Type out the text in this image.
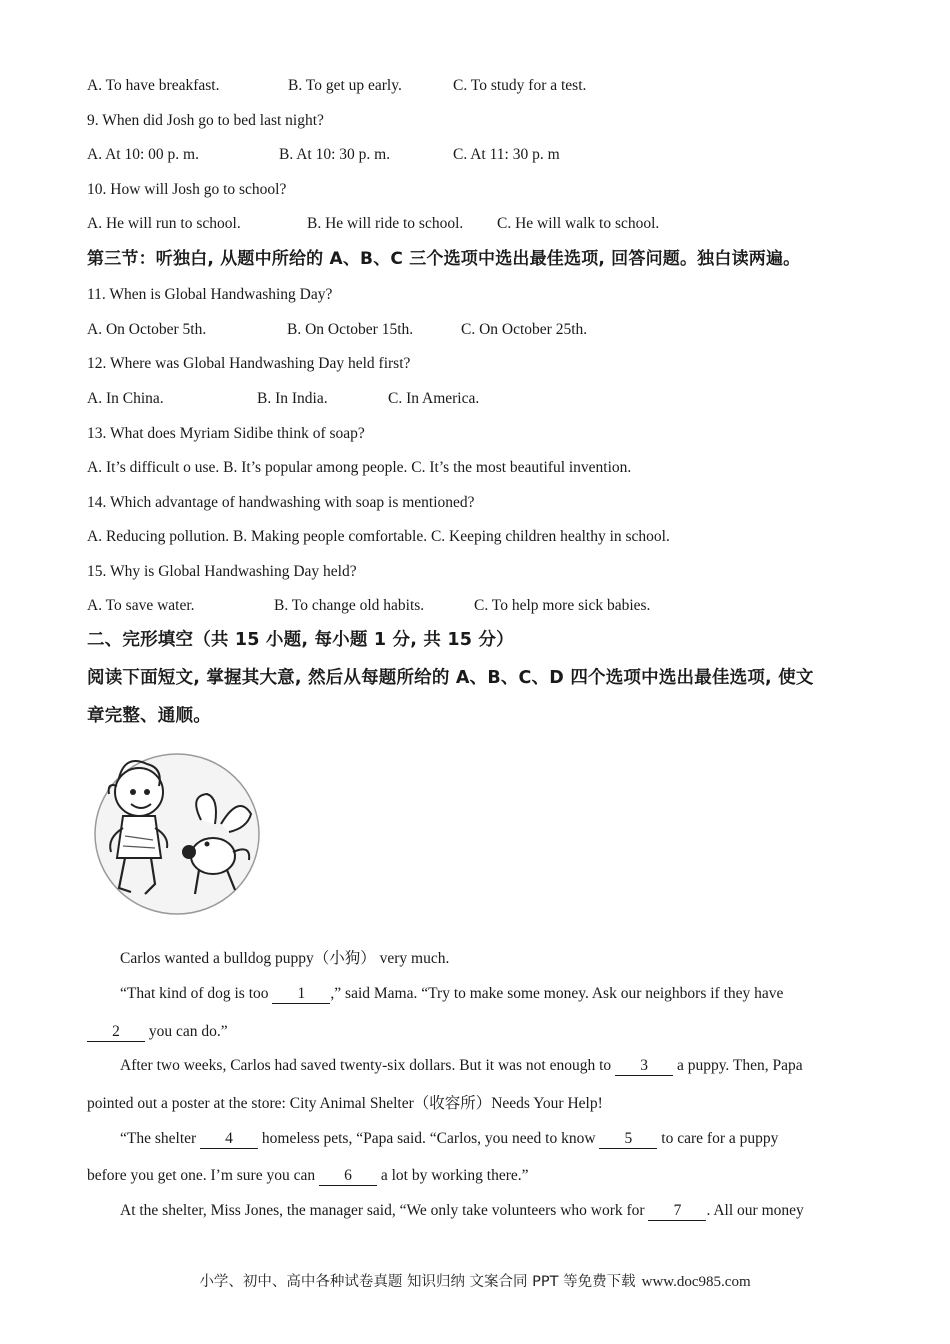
A. To have breakfast.	B. To get up early.	C. To study for a test.
9. When did Josh go to bed last night?
A. At 10: 00 p. m.	B. At 10: 30 p. m.	C. At 11: 30 p. m
10. How will Josh go to school?
A. He will run to school.	B. He will ride to school. C. He will walk to school.
第三节：听独白, 从题中所给的 A、B、C 三个选项中选出最佳选项, 回答问题。独白读两遍。
11. When is Global Handwashing Day?
A. On October 5th.	B. On October 15th.	C. On October 25th.
12. Where was Global Handwashing Day held first?
A. In China.	B. In India.	C. In America.
13. What does Myriam Sidibe think of soap?
A. It’s difficult o use. B. It’s popular among people. C. It’s the most beautiful invention.
14. Which advantage of handwashing with soap is mentioned?
A. Reducing pollution. B. Making people comfortable. C. Keeping children healthy in school.
15. Why is Global Handwashing Day held?
A. To save water.	B. To change old habits.	C. To help more sick babies.
二、完形填空（共 15 小题, 每小题 1 分, 共 15 分）
阅读下面短文, 掌握其大意, 然后从每题所给的 A、B、C、D 四个选项中选出最佳选项, 使文
章完整、通顺。
Carlos wanted a bulldog puppy（小狗） very much.
“That kind of dog is too 1 ,” said Mama. “Try to make some money. Ask our neighbors if they have
2 you can do.”
After two weeks, Carlos had saved twenty-six dollars. But it was not enough to 3 a puppy. Then, Papa
pointed out a poster at the store: City Animal Shelter（收容所）Needs Your Help!
“The shelter 4 homeless pets, “Papa said. “Carlos, you need to know 5 to care for a puppy
before you get one. I’m sure you can 6 a lot by working there.”
At the shelter, Miss Jones, the manager said, “We only take volunteers who work for 7 . All our money
小学、初中、高中各种试卷真题 知识归纳 文案合同 PPT 等免费下载 www.doc985.com
